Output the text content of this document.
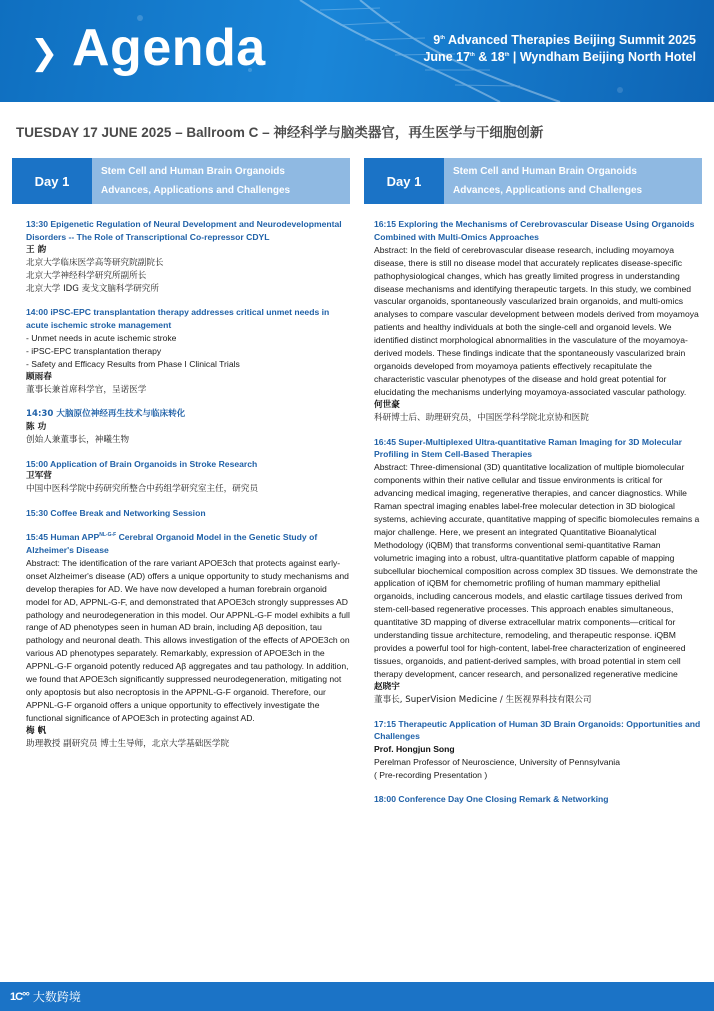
❯ Agenda	9th Advanced Therapies Beijing Summit 2025
June 17th & 18th | Wyndham Beijing North Hotel
TUESDAY 17 JUNE 2025 – Ballroom C – 神经科学与脑类器官，再生医学与干细胞创新
Day 1
Stem Cell and Human Brain Organoids
Advances, Applications and Challenges
13:30 Epigenetic Regulation of Neural Development and Neurodevelopmental Disorders -- The Role of Transcriptional Co-repressor CDYL
王 韵
北京大学临床医学高等研究院副院长
北京大学神经科学研究所副所长
北京大学 IDG 麦戈文脑科学研究所
14:00 iPSC-EPC transplantation therapy addresses critical unmet needs in acute ischemic stroke management
- Unmet needs in acute ischemic stroke
- iPSC-EPC transplantation therapy
- Safety and Efficacy Results from Phase I Clinical Trials
顾雨春
董事长兼首席科学官，呈诺医学
14:30 大脑原位神经再生技术与临床转化
陈 功
创始人兼董事长，神曦生物
15:00 Application of Brain Organoids in Stroke Research
卫军营
中国中医科学院中药研究所整合中药组学研究室主任，研究员
15:30 Coffee Break and Networking Session
15:45 Human $APP^{NL-G-F}$ Cerebral Organoid Model in the Genetic Study of Alzheimer's Disease
Abstract: The identification of the rare variant APOE3ch that protects against early-onset Alzheimer's disease (AD) offers a unique opportunity to study mechanisms and develop therapies for AD. We have now developed a human forebrain organoid model for AD, APPNL-G-F, and demonstrated that APOE3ch strongly suppresses AD pathology and neurodegeneration in this model. Our APPNL-G-F model exhibits a full range of AD phenotypes seen in human AD brain, including Aβ deposition, tau pathology and neuronal death. This allows investigation of the effects of APOE3ch on various AD phenotypes separately. Remarkably, expression of APOE3ch in the APPNL-G-F organoid potently reduced Aβ aggregates and tau pathology. In addition, we found that APOE3ch significantly suppressed neurodegeneration, mitigating not only apoptosis but also necroptosis in the APPNL-G-F organoid. Therefore, our APPNL-G-F organoid offers a unique opportunity to effectively investigate the functional significance of APOE3ch in protecting against AD.
梅 帆
助理教授 副研究员 博士生导师，北京大学基础医学院
Day 1
Stem Cell and Human Brain Organoids
Advances, Applications and Challenges
16:15 Exploring the Mechanisms of Cerebrovascular Disease Using Organoids Combined with Multi-Omics Approaches
Abstract: In the field of cerebrovascular disease research, including moyamoya disease, there is still no disease model that accurately replicates disease-specific pathophysiological changes, which has greatly limited progress in understanding disease mechanisms and identifying therapeutic targets. In this study, we combined vascular organoids, spontaneously vascularized brain organoids, and multi-omics analyses to compare vascular development between models derived from moyamoya patients and healthy individuals at both the single-cell and organoid levels. We identified distinct morphological abnormalities in the vasculature of the moyamoya-derived models. These findings indicate that the spontaneously vascularized brain organoids developed from moyamoya patients effectively recapitulate the characteristic vascular phenotypes of the disease and hold great potential for elucidating the mechanisms underlying moyamoya-associated vascular pathology.
何世豪
科研博士后、助理研究员，中国医学科学院北京协和医院
16:45 Super-Multiplexed Ultra-quantitative Raman Imaging for 3D Molecular Profiling in Stem Cell-Based Therapies
Abstract: Three-dimensional (3D) quantitative localization of multiple biomolecular components within their native cellular and tissue environments is critical for advancing medical imaging, regenerative therapies, and cancer diagnostics. While Raman spectral imaging enables label-free molecular detection in 3D biological systems, achieving accurate, quantitative mapping of specific biomolecules remains a major challenge. Here, we present an integrated Quantitative Bioanalytical Methodology (iQBM) that transforms conventional semi-quantitative Raman volumetric imaging into a robust, ultra-quantitative platform capable of mapping subcellular biochemical composition across complex 3D tissues. We demonstrate the application of iQBM for chemometric profiling of human mammary epithelial organoids, including cancerous models, and elastic cartilage tissues derived from stem-cell-based regenerative processes. This approach enables simultaneous, quantitative 3D mapping of diverse extracellular matrix components—critical for understanding tissue architecture, remodeling, and therapeutic response. iQBM provides a powerful tool for high-content, label-free characterization of engineered tissues, organoids, and patient-derived samples, with broad potential in stem cell therapy development, cancer research, and personalized regenerative medicine
赵晓宇
董事长, SuperVision Medicine / 生医视界科技有限公司
17:15 Therapeutic Application of Human 3D Brain Organoids: Opportunities and Challenges
Prof. Hongjun Song
Perelman Professor of Neuroscience, University of Pennsylvania
( Pre-recording Presentation )
18:00 Conference Day One Closing Remark & Networking
1C°° 大数跨境
